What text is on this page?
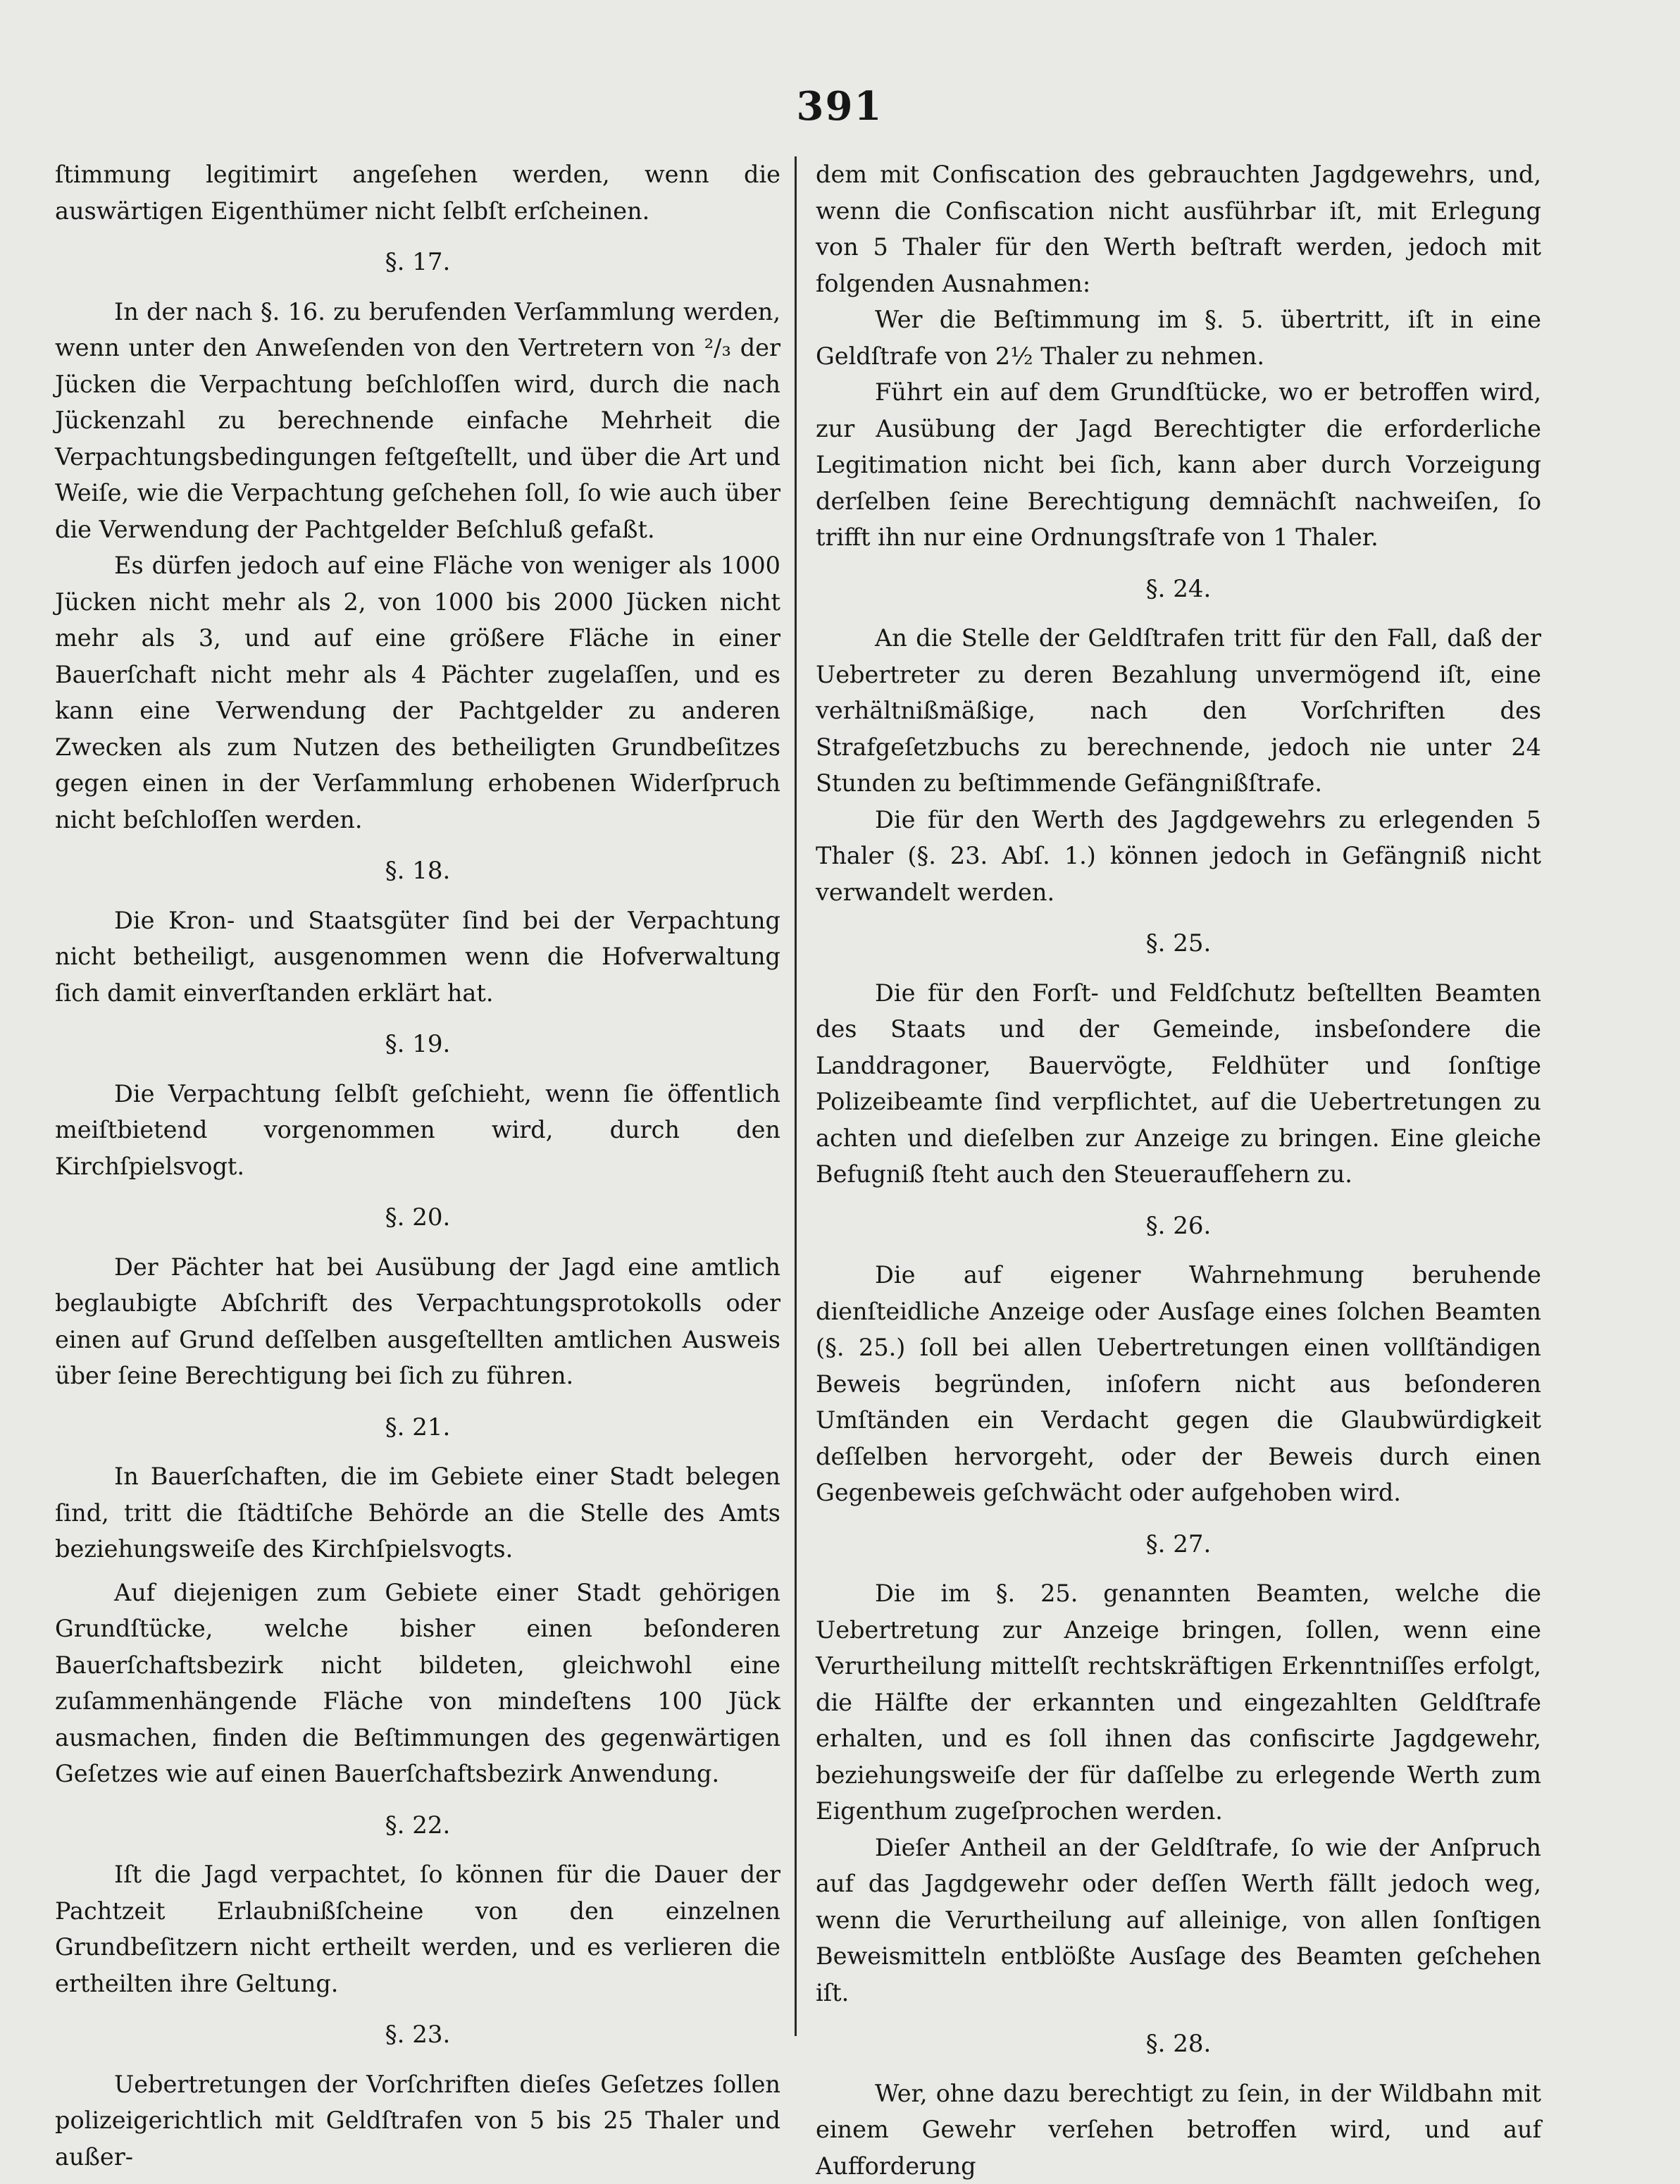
391

ſtimmung legitimirt angeſehen werden, wenn die auswärtigen Eigenthümer nicht ſelbſt erſcheinen.

§. 17.

In der nach §. 16. zu berufenden Verſammlung werden, wenn unter den Anweſenden von den Vertretern von ²/₃ der Jücken die Verpachtung beſchloſſen wird, durch die nach Jückenzahl zu berechnende einfache Mehrheit die Verpachtungsbedingungen feſtgeſtellt, und über die Art und Weiſe, wie die Verpachtung geſchehen ſoll, ſo wie auch über die Verwendung der Pachtgelder Beſchluß gefaßt.

Es dürfen jedoch auf eine Fläche von weniger als 1000 Jücken nicht mehr als 2, von 1000 bis 2000 Jücken nicht mehr als 3, und auf eine größere Fläche in einer Bauerſchaft nicht mehr als 4 Pächter zugelaſſen, und es kann eine Verwendung der Pachtgelder zu anderen Zwecken als zum Nutzen des betheiligten Grundbeſitzes gegen einen in der Verſammlung erhobenen Widerſpruch nicht beſchloſſen werden.

§. 18.

Die Kron- und Staatsgüter ſind bei der Verpachtung nicht betheiligt, ausgenommen wenn die Hofverwaltung ſich damit einverſtanden erklärt hat.

§. 19.

Die Verpachtung ſelbſt geſchieht, wenn ſie öffentlich meiſtbietend vorgenommen wird, durch den Kirchſpielsvogt.

§. 20.

Der Pächter hat bei Ausübung der Jagd eine amtlich beglaubigte Abſchrift des Verpachtungsprotokolls oder einen auf Grund deſſelben ausgeſtellten amtlichen Ausweis über ſeine Berechtigung bei ſich zu führen.

§. 21.

In Bauerſchaften, die im Gebiete einer Stadt belegen ſind, tritt die ſtädtiſche Behörde an die Stelle des Amts beziehungsweiſe des Kirchſpielsvogts.

Auf diejenigen zum Gebiete einer Stadt gehörigen Grundſtücke, welche bisher einen beſonderen Bauerſchaftsbezirk nicht bildeten, gleichwohl eine zuſammenhängende Fläche von mindeſtens 100 Jück ausmachen, finden die Beſtimmungen des gegenwärtigen Geſetzes wie auf einen Bauerſchaftsbezirk Anwendung.

§. 22.

Iſt die Jagd verpachtet, ſo können für die Dauer der Pachtzeit Erlaubnißſcheine von den einzelnen Grundbeſitzern nicht ertheilt werden, und es verlieren die ertheilten ihre Geltung.

§. 23.

Uebertretungen der Vorſchriften dieſes Geſetzes ſollen polizeigerichtlich mit Geldſtrafen von 5 bis 25 Thaler und außer-

dem mit Confiscation des gebrauchten Jagdgewehrs, und, wenn die Confiscation nicht ausführbar iſt, mit Erlegung von 5 Thaler für den Werth beſtraft werden, jedoch mit folgenden Ausnahmen:

Wer die Beſtimmung im §. 5. übertritt, iſt in eine Geldſtrafe von 2½ Thaler zu nehmen.

Führt ein auf dem Grundſtücke, wo er betroffen wird, zur Ausübung der Jagd Berechtigter die erforderliche Legitimation nicht bei ſich, kann aber durch Vorzeigung derſelben ſeine Berechtigung demnächſt nachweiſen, ſo trifft ihn nur eine Ordnungsſtrafe von 1 Thaler.

§. 24.

An die Stelle der Geldſtrafen tritt für den Fall, daß der Uebertreter zu deren Bezahlung unvermögend iſt, eine verhältnißmäßige, nach den Vorſchriften des Strafgeſetzbuchs zu berechnende, jedoch nie unter 24 Stunden zu beſtimmende Gefängnißſtrafe.

Die für den Werth des Jagdgewehrs zu erlegenden 5 Thaler (§. 23. Abſ. 1.) können jedoch in Gefängniß nicht verwandelt werden.

§. 25.

Die für den Forſt- und Feldſchutz beſtellten Beamten des Staats und der Gemeinde, insbeſondere die Landdragoner, Bauervögte, Feldhüter und ſonſtige Polizeibeamte ſind verpflichtet, auf die Uebertretungen zu achten und dieſelben zur Anzeige zu bringen. Eine gleiche Befugniß ſteht auch den Steueraufſehern zu.

§. 26.

Die auf eigener Wahrnehmung beruhende dienſteidliche Anzeige oder Ausſage eines ſolchen Beamten (§. 25.) ſoll bei allen Uebertretungen einen vollſtändigen Beweis begründen, inſofern nicht aus beſonderen Umſtänden ein Verdacht gegen die Glaubwürdigkeit deſſelben hervorgeht, oder der Beweis durch einen Gegenbeweis geſchwächt oder aufgehoben wird.

§. 27.

Die im §. 25. genannten Beamten, welche die Uebertretung zur Anzeige bringen, ſollen, wenn eine Verurtheilung mittelſt rechtskräftigen Erkenntniſſes erfolgt, die Hälfte der erkannten und eingezahlten Geldſtrafe erhalten, und es ſoll ihnen das confiscirte Jagdgewehr, beziehungsweiſe der für daſſelbe zu erlegende Werth zum Eigenthum zugeſprochen werden.

Dieſer Antheil an der Geldſtrafe, ſo wie der Anſpruch auf das Jagdgewehr oder deſſen Werth fällt jedoch weg, wenn die Verurtheilung auf alleinige, von allen ſonſtigen Beweismitteln entblößte Ausſage des Beamten geſchehen iſt.

§. 28.

Wer, ohne dazu berechtigt zu ſein, in der Wildbahn mit einem Gewehr verſehen betroffen wird, und auf Aufforderung
